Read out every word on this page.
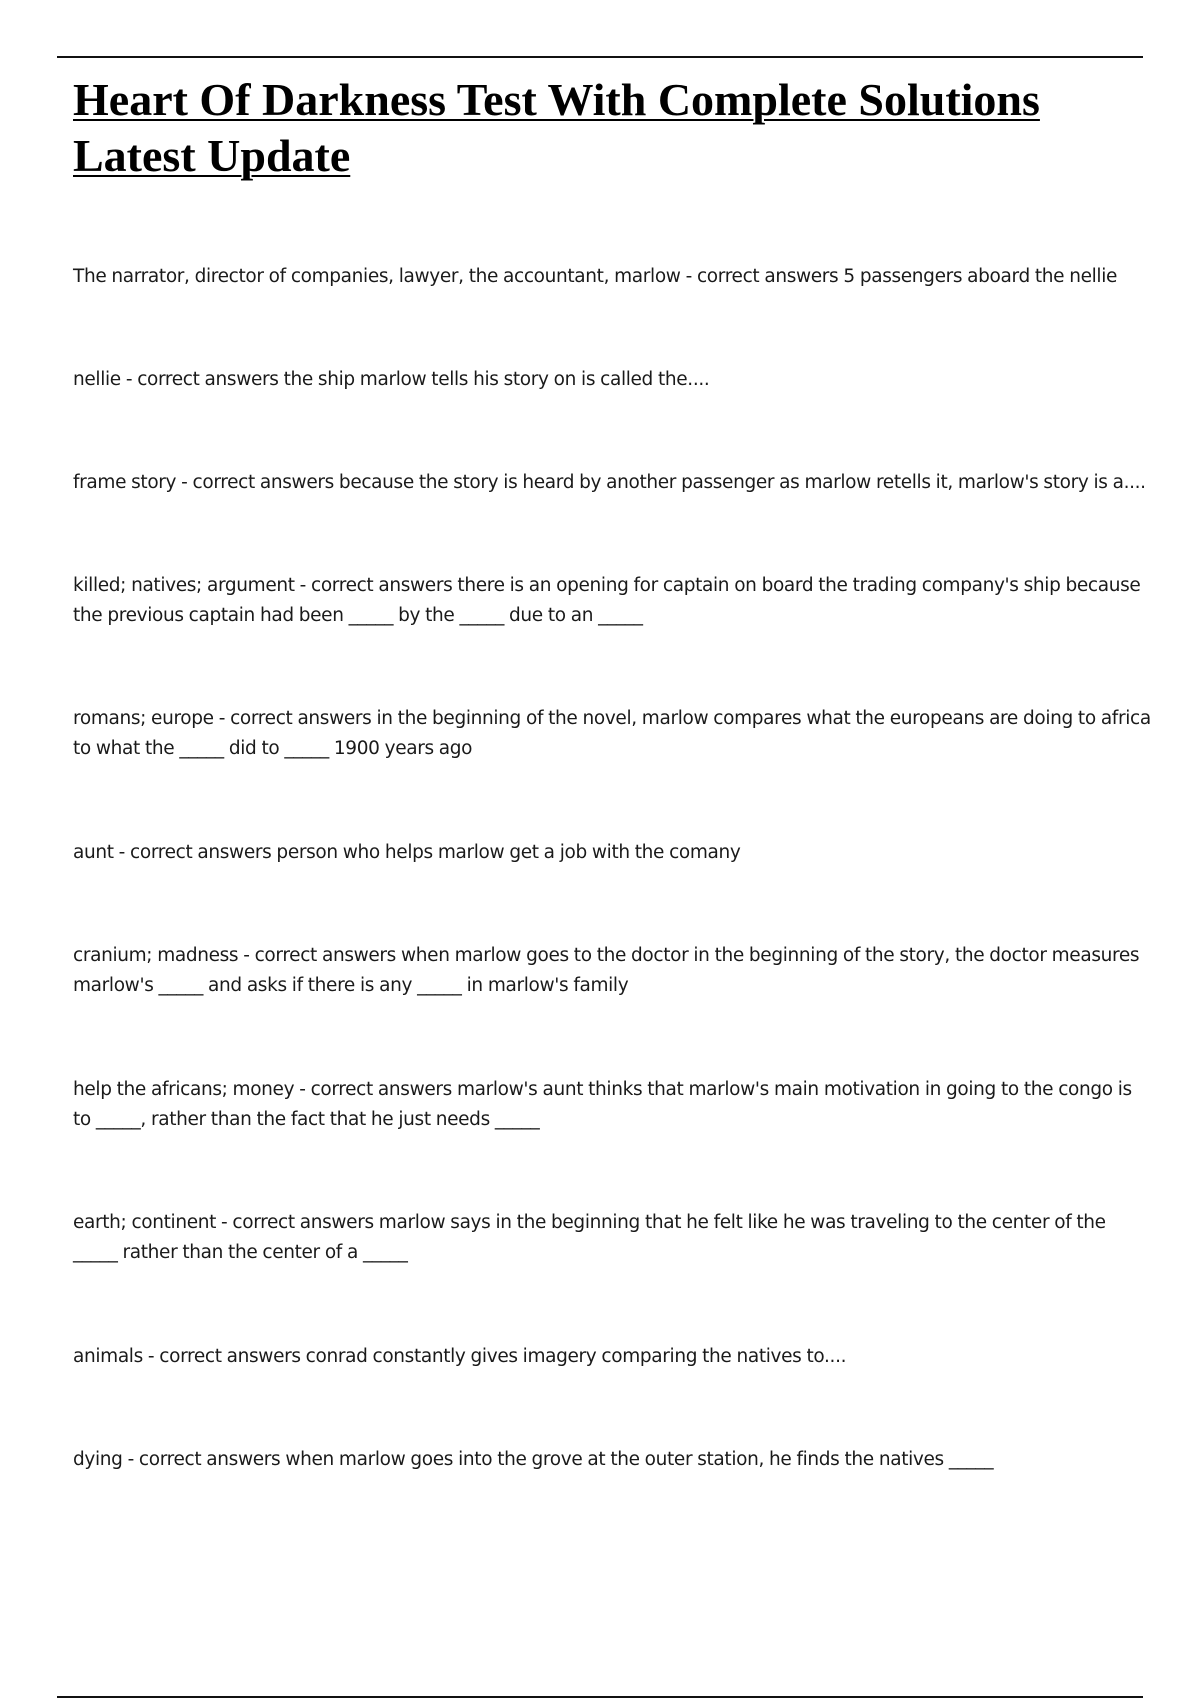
Heart Of Darkness Test With Complete Solutions Latest Update

The narrator, director of companies, lawyer, the accountant, marlow - correct answers 5 passengers aboard the nellie

nellie - correct answers the ship marlow tells his story on is called the....

frame story - correct answers because the story is heard by another passenger as marlow retells it, marlow's story is a....

killed; natives; argument - correct answers there is an opening for captain on board the trading company's ship because the previous captain had been _____ by the _____ due to an _____

romans; europe - correct answers in the beginning of the novel, marlow compares what the europeans are doing to africa to what the _____ did to _____ 1900 years ago

aunt - correct answers person who helps marlow get a job with the comany

cranium; madness - correct answers when marlow goes to the doctor in the beginning of the story, the doctor measures marlow's _____ and asks if there is any _____ in marlow's family

help the africans; money - correct answers marlow's aunt thinks that marlow's main motivation in going to the congo is to _____, rather than the fact that he just needs _____

earth; continent - correct answers marlow says in the beginning that he felt like he was traveling to the center of the _____ rather than the center of a _____

animals - correct answers conrad constantly gives imagery comparing the natives to....

dying - correct answers when marlow goes into the grove at the outer station, he finds the natives _____
